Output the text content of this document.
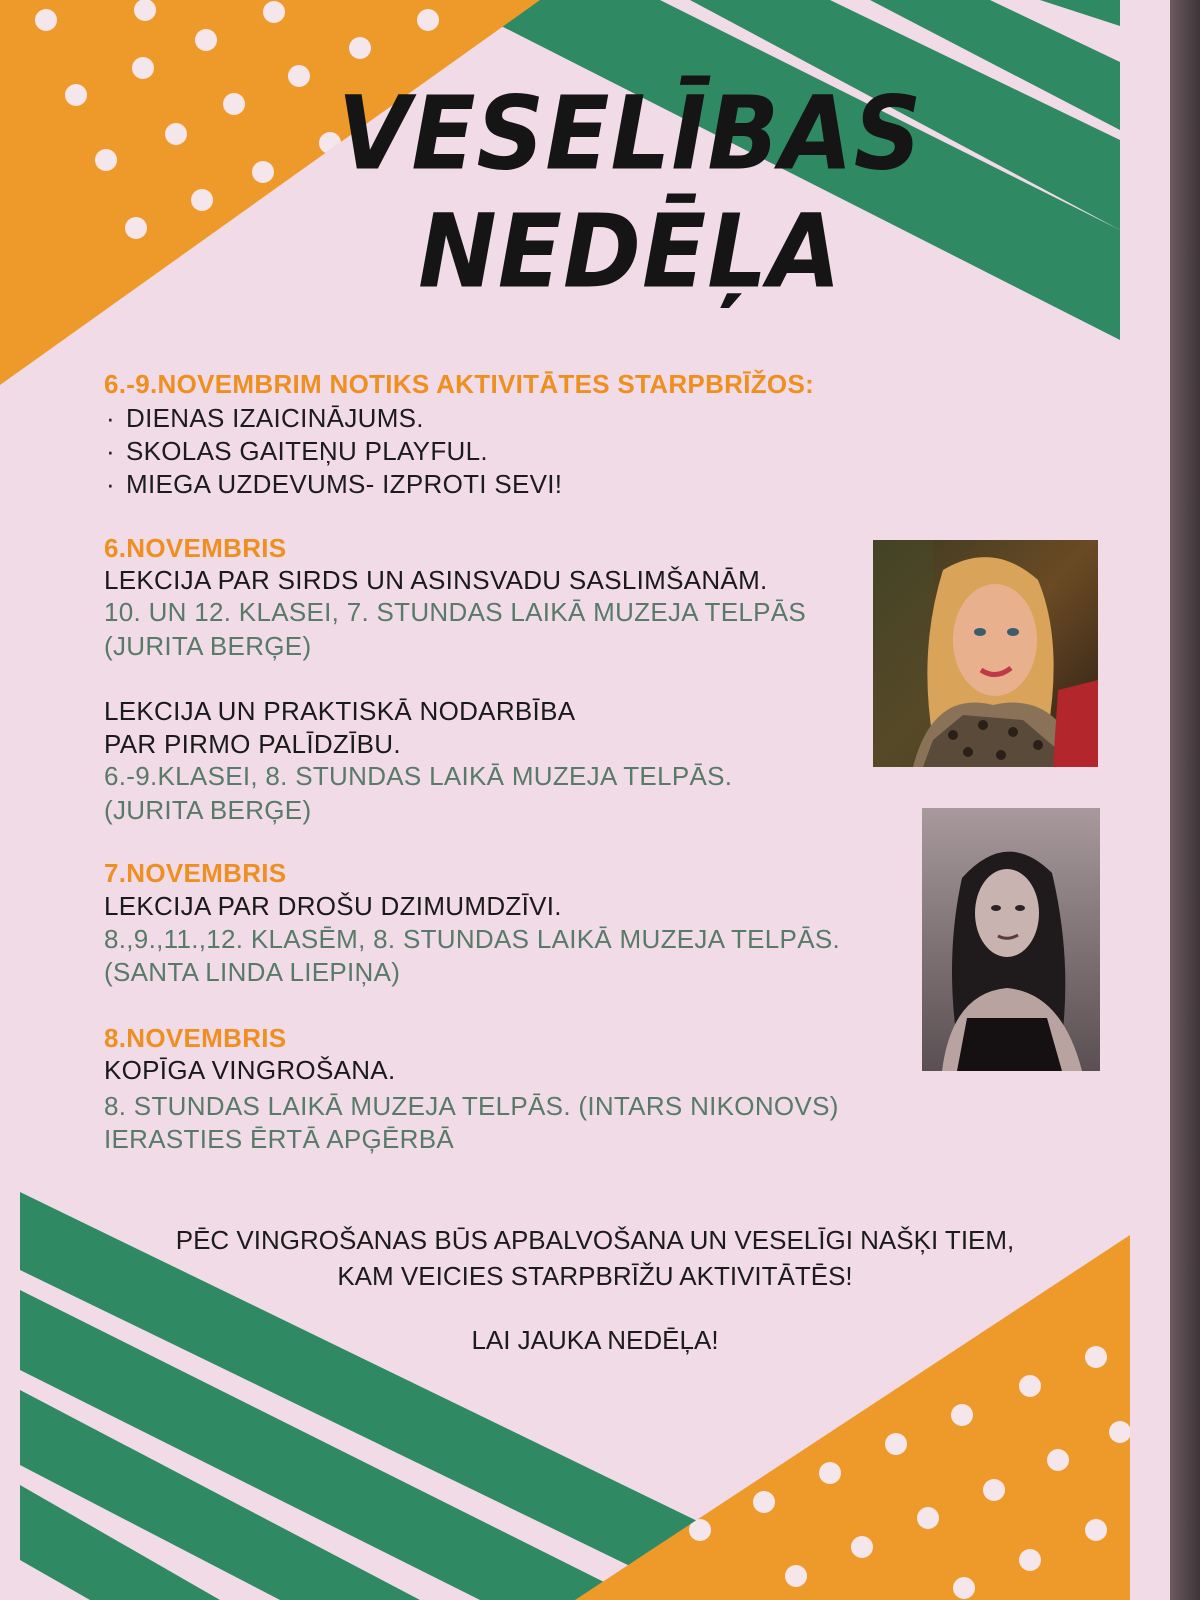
VESELĪBAS
NEDĒĻA
6.-9.NOVEMBRIM NOTIKS AKTIVITĀTES STARPBRĪŽOS:
· DIENAS IZAICINĀJUMS.
· SKOLAS GAITEŅU PLAYFUL.
· MIEGA UZDEVUMS- IZPROTI SEVI!
6.NOVEMBRIS
LEKCIJA PAR SIRDS UN ASINSVADU SASLIMŠANĀM.
10. UN 12. KLASEI, 7. STUNDAS LAIKĀ MUZEJA TELPĀS
(JURITA BERĢE)
LEKCIJA UN PRAKTISKĀ NODARBĪBA
PAR PIRMO PALĪDZĪBU.
6.-9.KLASEI, 8. STUNDAS LAIKĀ MUZEJA TELPĀS.
(JURITA BERĢE)
7.NOVEMBRIS
LEKCIJA PAR DROŠU DZIMUMDZĪVI.
8.,9.,11.,12. KLASĒM, 8. STUNDAS LAIKĀ MUZEJA TELPĀS.
(SANTA LINDA LIEPIŅA)
8.NOVEMBRIS
KOPĪGA VINGROŠANA.
8. STUNDAS LAIKĀ MUZEJA TELPĀS. (INTARS NIKONOVS)
IERASTIES ĒRTĀ APĢĒRBĀ
PĒC VINGROŠANAS BŪS APBALVOŠANA UN VESELĪGI NAŠĶI TIEM,
KAM VEICIES STARPBRĪŽU AKTIVITĀTĒS!
LAI JAUKA NEDĒĻA!
